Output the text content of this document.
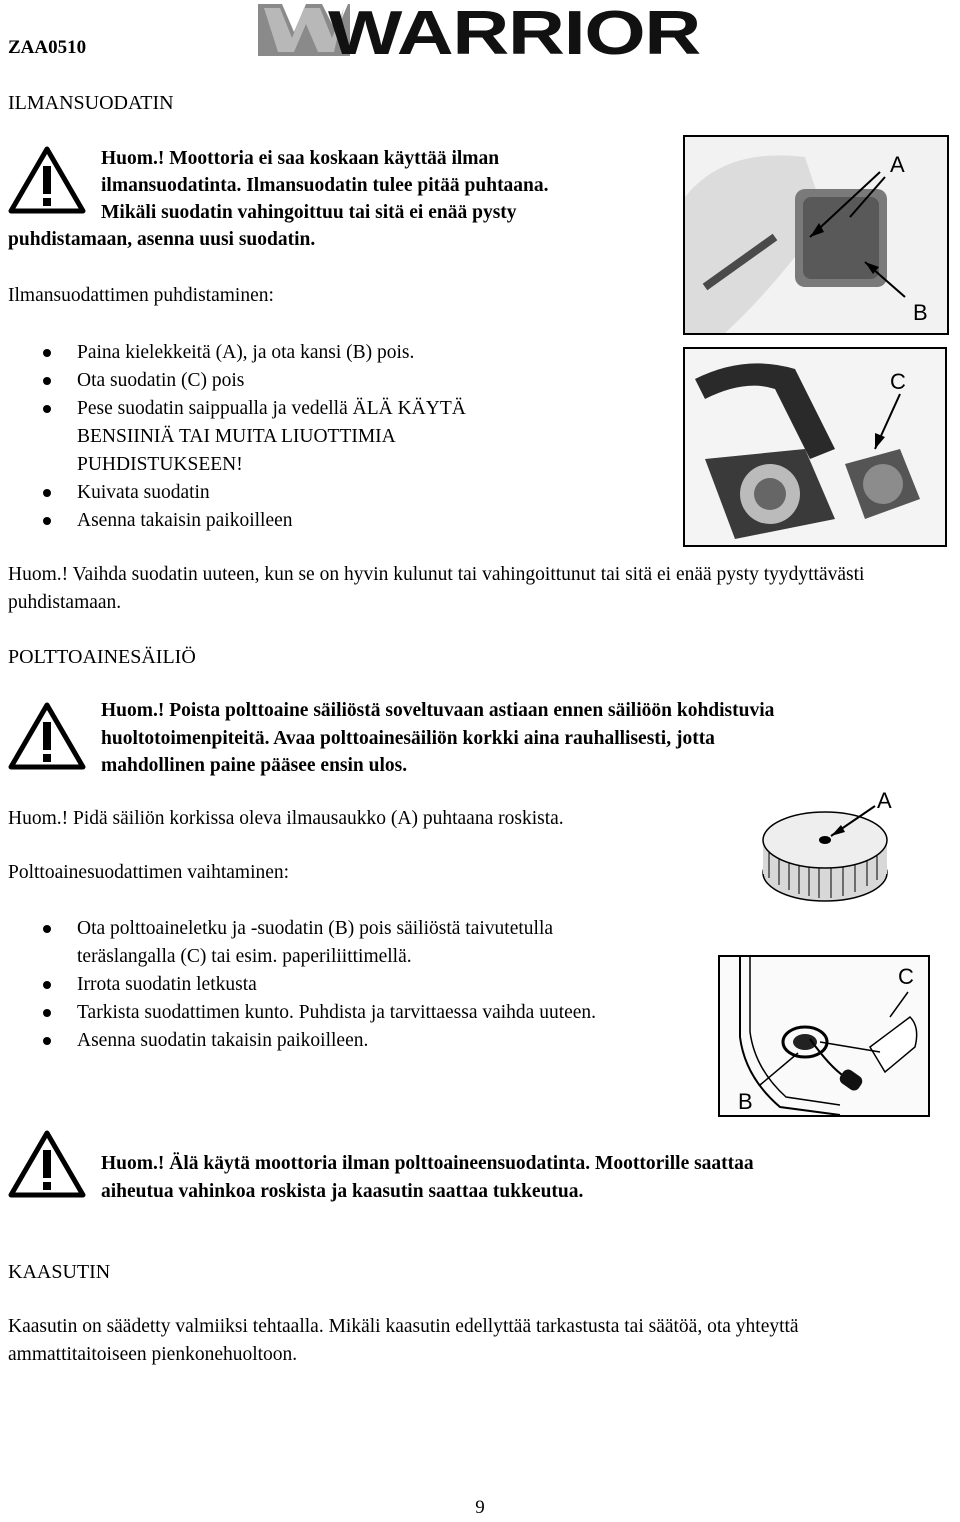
ZAA0510	WARRIOR
ILMANSUODATIN
Huom.! Moottoria ei saa koskaan käyttää ilman
ilmansuodatinta. Ilmansuodatin tulee pitää puhtaana.
Mikäli suodatin vahingoittuu tai sitä ei enää pysty
puhdistamaan, asenna uusi suodatin.
Ilmansuodattimen puhdistaminen:
Paina kielekkeitä (A), ja ota kansi (B) pois.
Ota suodatin (C) pois
Pese suodatin saippualla ja vedellä ÄLÄ KÄYTÄ BENSIINIÄ TAI MUITA LIUOTTIMIA PUHDISTUKSEEN!
Kuivata suodatin
Asenna takaisin paikoilleen
A
B
C
Huom.! Vaihda suodatin uuteen, kun se on hyvin kulunut tai vahingoittunut tai sitä ei enää pysty tyydyttävästi puhdistamaan.
POLTTOAINESÄILIÖ
Huom.! Poista polttoaine säiliöstä soveltuvaan astiaan ennen säiliöön kohdistuvia
huoltotoimenpiteitä. Avaa polttoainesäiliön korkki aina rauhallisesti, jotta
mahdollinen paine pääsee ensin ulos.
A
Huom.! Pidä säiliön korkissa oleva ilmausaukko (A) puhtaana roskista.
Polttoainesuodattimen vaihtaminen:
Ota polttoaineletku ja -suodatin (B) pois säiliöstä taivutetulla teräslangalla (C) tai esim. paperiliittimellä.
Irrota suodatin letkusta
Tarkista suodattimen kunto. Puhdista ja tarvittaessa vaihda uuteen.
Asenna suodatin takaisin paikoilleen.
C
B
Huom.! Älä käytä moottoria ilman polttoaineensuodatinta. Moottorille saattaa
aiheutua vahinkoa roskista ja kaasutin saattaa tukkeutua.
KAASUTIN
Kaasutin on säädetty valmiiksi tehtaalla. Mikäli kaasutin edellyttää tarkastusta tai säätöä, ota yhteyttä ammattitaitoiseen pienkonehuoltoon.
9
